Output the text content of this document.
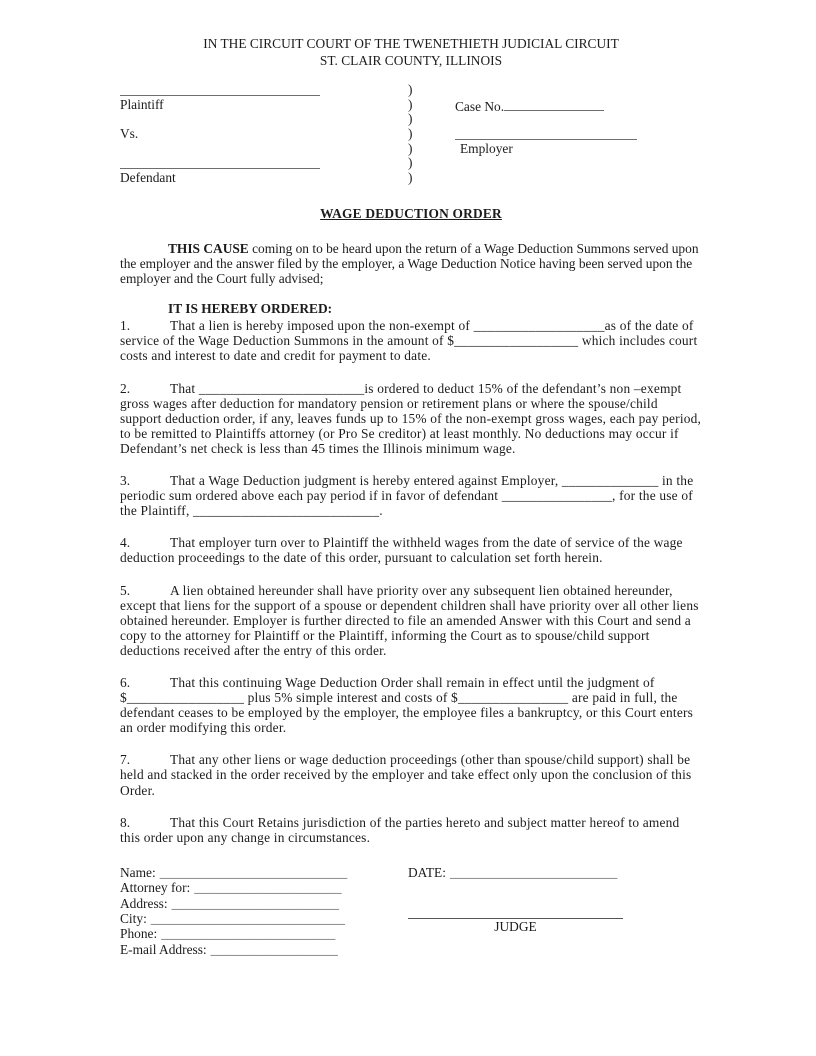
IN THE CIRCUIT COURT OF THE TWENETHIETH JUDICIAL CIRCUIT
ST. CLAIR COUNTY, ILLINOIS
Plaintiff
Vs.
Defendant
)
)
)
)
)
)
)
Case No.
Employer
WAGE DEDUCTION ORDER

THIS CAUSE coming on to be heard upon the return of a Wage Deduction Summons served upon the employer and the answer filed by the employer, a Wage Deduction Notice having been served upon the employer and the Court fully advised;

IT IS HEREBY ORDERED:

1.	That a lien is hereby imposed upon the non-exempt of ___________________as of the date of service of the Wage Deduction Summons in the amount of $__________________ which includes court costs and interest to date and credit for payment to date.

2.	That ________________________is ordered to deduct 15% of the defendant’s non –exempt gross wages after deduction for mandatory pension or retirement plans or where the spouse/child support deduction order, if any, leaves funds up to 15% of the non-exempt gross wages, each pay period, to be remitted to Plaintiffs attorney (or Pro Se creditor) at least monthly. No deductions may occur if Defendant’s net check is less than 45 times the Illinois minimum wage.

3.	That a Wage Deduction judgment is hereby entered against Employer, ______________ in the periodic sum ordered above each pay period if in favor of defendant ________________, for the use of the Plaintiff, ___________________________.

4.	That employer turn over to Plaintiff the withheld wages from the date of service of the wage deduction proceedings to the date of this order, pursuant to calculation set forth herein.

5.	A lien obtained hereunder shall have priority over any subsequent lien obtained hereunder, except that liens for the support of a spouse or dependent children shall have priority over all other liens obtained hereunder. Employer is further directed to file an amended Answer with this Court and send a copy to the attorney for Plaintiff or the Plaintiff, informing the Court as to spouse/child support deductions received after the entry of this order.

6.	That this continuing Wage Deduction Order shall remain in effect until the judgment of $_________________ plus 5% simple interest and costs of $________________ are paid in full, the defendant ceases to be employed by the employer, the employee files a bankruptcy, or this Court enters an order modifying this order.

7.	That any other liens or wage deduction proceedings (other than spouse/child support) shall be held and stacked in the order received by the employer and take effect only upon the conclusion of this Order.

8.	That this Court Retains jurisdiction of the parties hereto and subject matter hereof to amend this order upon any change in circumstances.

Name: ____________________________
Attorney for: ______________________
Address: _________________________
City: _____________________________
Phone: __________________________
E-mail Address: ___________________
DATE: _________________________
JUDGE
